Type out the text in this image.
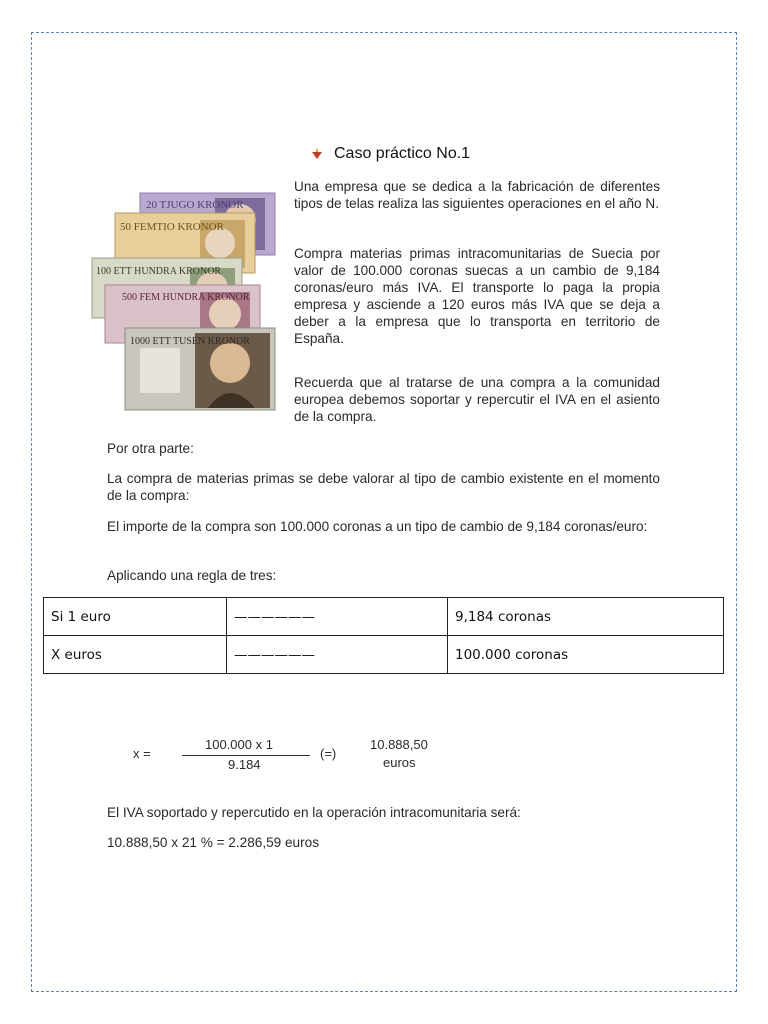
20 TJUGO KRONOR
50 FEMTIO KRONOR
100 ETT HUNDRA KRONOR
500 FEM HUNDRA KRONOR
1000 ETT TUSEN KRONOR
Caso práctico No.1

Una empresa que se dedica a la fabricación de diferentes tipos de telas realiza las siguientes operaciones en el año N.

Compra materias primas intracomunitarias de Suecia por valor de 100.000 coronas suecas a un cambio de 9,184 coronas/euro más IVA. El transporte lo paga la propia empresa y asciende a 120 euros más IVA que se deja a deber a la empresa que lo transporta en territorio de España.

Recuerda que al tratarse de una compra a la comunidad europea debemos soportar y repercutir el IVA en el asiento de la compra.

Por otra parte:

La compra de materias primas se debe valorar al tipo de cambio existente en el momento de la compra:

El importe de la compra son 100.000 coronas a un tipo de cambio de 9,184 coronas/euro:

Aplicando una regla de tres:

Si 1 euro	——————	9,184 coronas
X euros	——————	100.000 coronas
x =
100.000 x 1
9.184
(=)
10.888,50
euros

El IVA soportado y repercutido en la operación intracomunitaria será:

10.888,50 x 21 % = 2.286,59 euros
